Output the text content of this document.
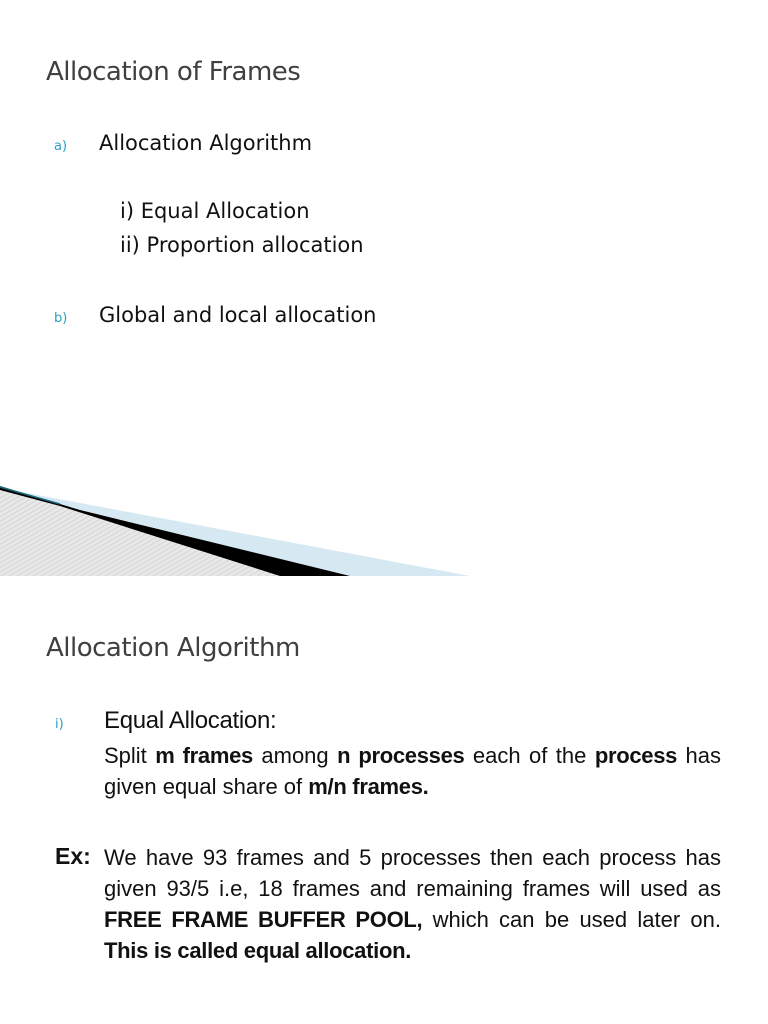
Allocation of Frames
a) Allocation Algorithm
i) Equal Allocation
ii) Proportion allocation
b) Global and local allocation
Allocation Algorithm
i) Equal Allocation:
Split m frames among n processes each of the process has given equal share of m/n frames.
Ex: We have 93 frames and 5 processes then each process has given 93/5 i.e, 18 frames and remaining frames will used as FREE FRAME BUFFER POOL, which can be used later on. This is called equal allocation.
